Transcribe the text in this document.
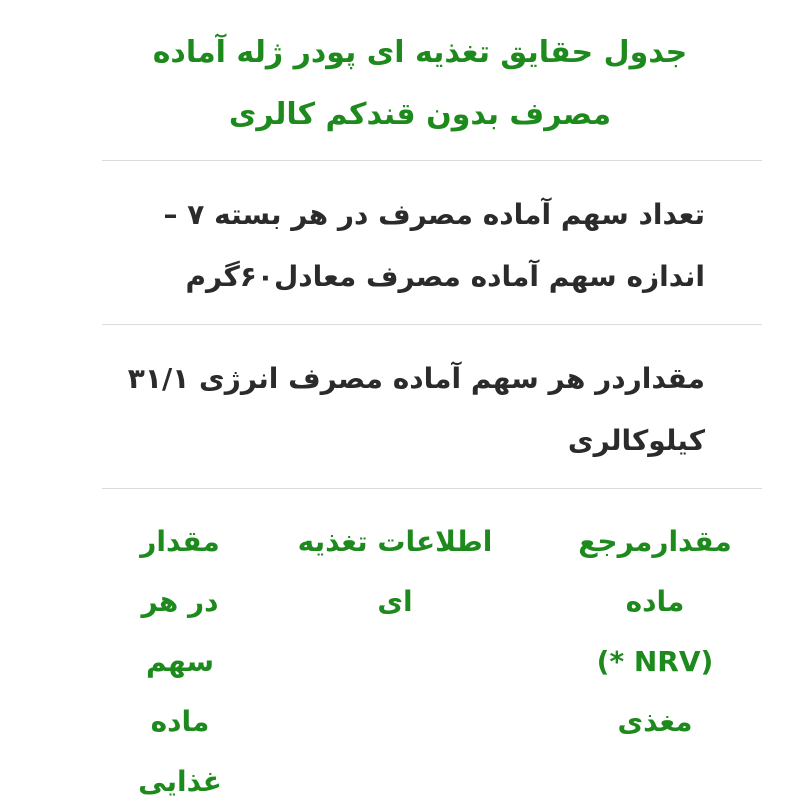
جدول حقایق تغذیه ای پودر ژله آماده
مصرف بدون قندکم کالری

تعداد سهم آماده مصرف در هر بسته ۷ –
اندازه سهم آماده مصرف معادل۶۰گرم

مقداردر هر سهم آماده مصرف انرژی ۳۱/۱
کیلوکالری

مقدارمرجع
ماده
(NRV *)
مغذی
اطلاعات تغذیه
ای
مقدار
در هر
سهم
ماده
غذایی
